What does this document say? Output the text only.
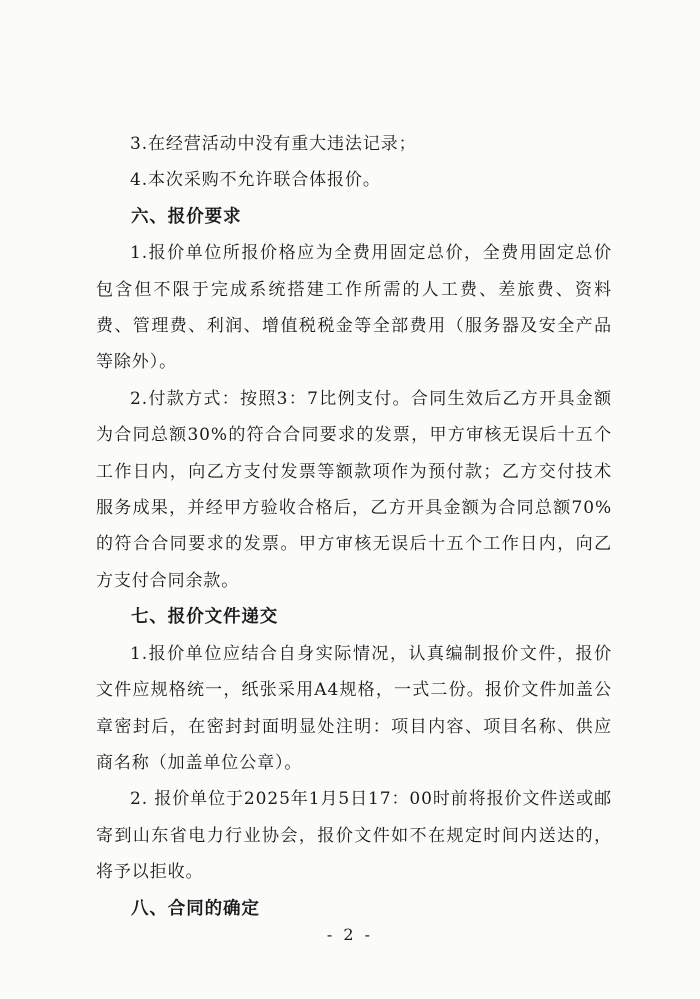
3.在经营活动中没有重大违法记录；

4.本次采购不允许联合体报价。

六、报价要求

1.报价单位所报价格应为全费用固定总价，全费用固定总价包含但不限于完成系统搭建工作所需的人工费、差旅费、资料费、管理费、利润、增值税税金等全部费用（服务器及安全产品等除外）。

2.付款方式：按照3：7比例支付。合同生效后乙方开具金额为合同总额30%的符合合同要求的发票，甲方审核无误后十五个工作日内，向乙方支付发票等额款项作为预付款；乙方交付技术服务成果，并经甲方验收合格后，乙方开具金额为合同总额70%的符合合同要求的发票。甲方审核无误后十五个工作日内，向乙方支付合同余款。

七、报价文件递交

1.报价单位应结合自身实际情况，认真编制报价文件，报价文件应规格统一，纸张采用A4规格，一式二份。报价文件加盖公章密封后，在密封封面明显处注明：项目内容、项目名称、供应商名称（加盖单位公章）。

2. 报价单位于2025年1月5日17：00时前将报价文件送或邮寄到山东省电力行业协会，报价文件如不在规定时间内送达的，将予以拒收。

八、合同的确定

- 2 -
